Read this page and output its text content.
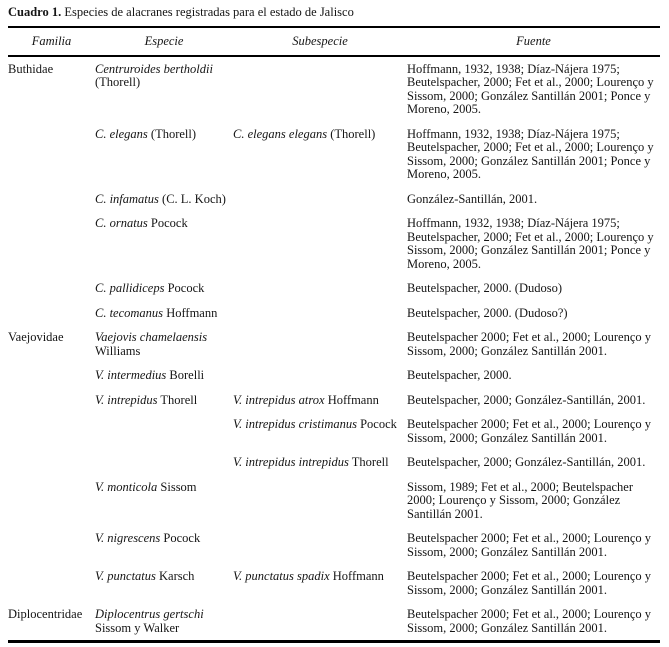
Cuadro 1. Especies de alacranes registradas para el estado de Jalisco
Familia	Especie	Subespecie	Fuente
Buthidae	Centruroides bertholdii (Thorell)		Hoffmann, 1932, 1938; Díaz-Nájera 1975; Beutelspacher, 2000; Fet et al., 2000; Lourenço y Sissom, 2000; González Santillán 2001; Ponce y Moreno, 2005.
	C. elegans (Thorell)	C. elegans elegans (Thorell)	Hoffmann, 1932, 1938; Díaz-Nájera 1975; Beutelspacher, 2000; Fet et al., 2000; Lourenço y Sissom, 2000; González Santillán 2001; Ponce y Moreno, 2005.
	C. infamatus (C. L. Koch)		González-Santillán, 2001.
	C. ornatus Pocock		Hoffmann, 1932, 1938; Díaz-Nájera 1975; Beutelspacher, 2000; Fet et al., 2000; Lourenço y Sissom, 2000; González Santillán 2001; Ponce y Moreno, 2005.
	C. pallidiceps Pocock		Beutelspacher, 2000. (Dudoso)
	C. tecomanus Hoffmann		Beutelspacher, 2000. (Dudoso?)
Vaejovidae	Vaejovis chamelaensis Williams		Beutelspacher 2000; Fet et al., 2000; Lourenço y Sissom, 2000; González Santillán 2001.
	V. intermedius Borelli		Beutelspacher, 2000.
	V. intrepidus Thorell	V. intrepidus atrox Hoffmann	Beutelspacher, 2000; González-Santillán, 2001.
		V. intrepidus cristimanus Pocock	Beutelspacher 2000; Fet et al., 2000; Lourenço y Sissom, 2000; González Santillán 2001.
		V. intrepidus intrepidus Thorell	Beutelspacher, 2000; González-Santillán, 2001.
	V. monticola Sissom		Sissom, 1989; Fet et al., 2000; Beutelspacher 2000; Lourenço y Sissom, 2000; González Santillán 2001.
	V. nigrescens Pocock		Beutelspacher 2000; Fet et al., 2000; Lourenço y Sissom, 2000; González Santillán 2001.
	V. punctatus Karsch	V. punctatus spadix Hoffmann	Beutelspacher 2000; Fet et al., 2000; Lourenço y Sissom, 2000; González Santillán 2001.
Diplocentridae	Diplocentrus gertschi Sissom y Walker		Beutelspacher 2000; Fet et al., 2000; Lourenço y Sissom, 2000; González Santillán 2001.
